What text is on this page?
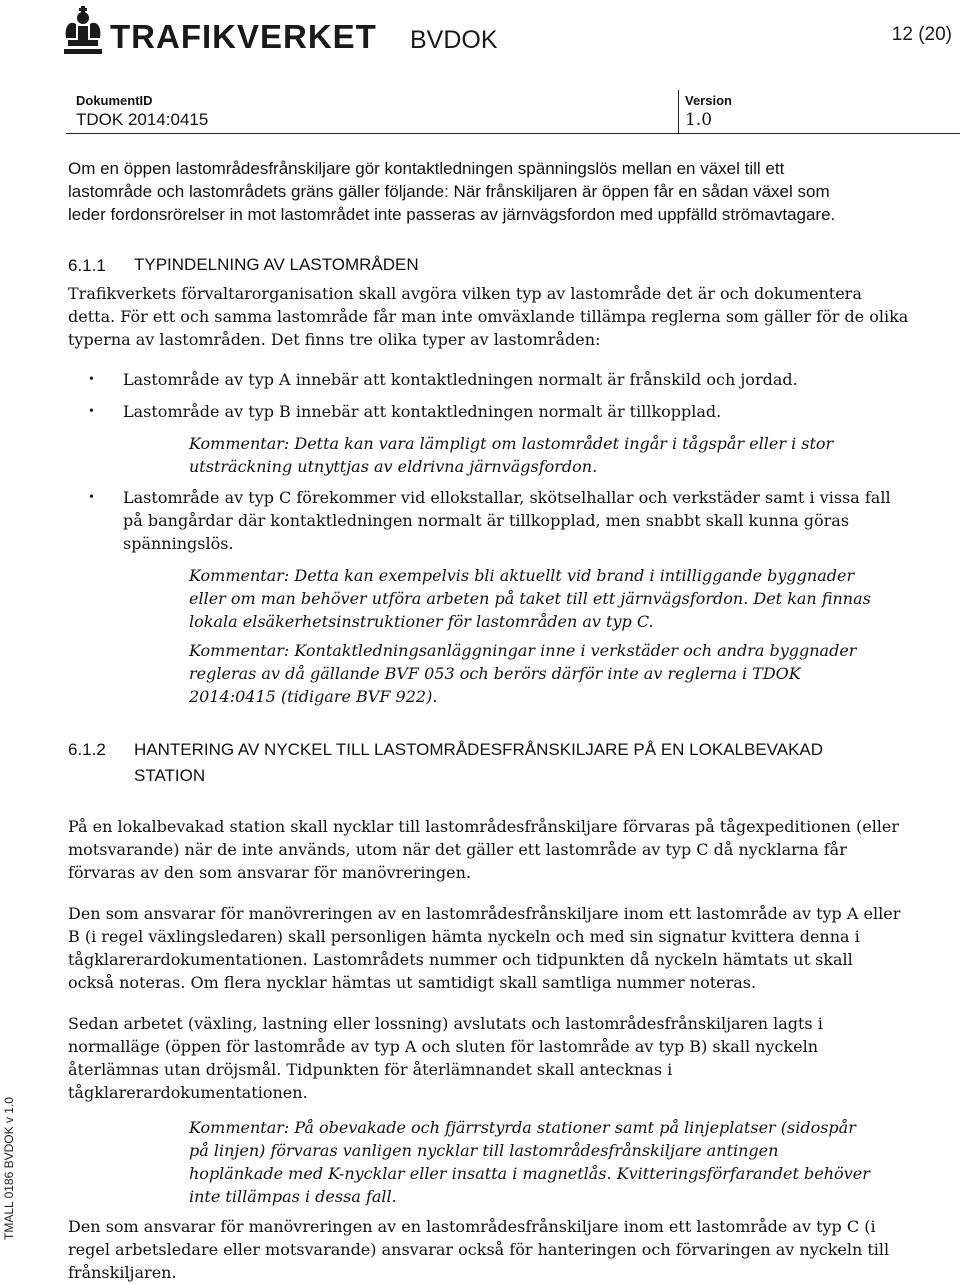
TRAFIKVERKET BVDOK	12 (20)
DokumentID
TDOK 2014:0415
Version
1.0
Om en öppen lastområdesfrånskiljare gör kontaktledningen spänningslös mellan en växel till ett
lastområde och lastområdets gräns gäller följande: När frånskiljaren är öppen får en sådan växel som
leder fordonsrörelser in mot lastområdet inte passeras av järnvägsfordon med uppfälld strömavtagare.
6.1.1 TYPINDELNING AV LASTOMRÅDEN
Trafikverkets förvaltarorganisation skall avgöra vilken typ av lastområde det är och dokumentera
detta. För ett och samma lastområde får man inte omväxlande tillämpa reglerna som gäller för de olika
typerna av lastområden. Det finns tre olika typer av lastområden:
• Lastområde av typ A innebär att kontaktledningen normalt är frånskild och jordad.
• Lastområde av typ B innebär att kontaktledningen normalt är tillkopplad.
Kommentar: Detta kan vara lämpligt om lastområdet ingår i tågspår eller i stor
utsträckning utnyttjas av eldrivna järnvägsfordon.
• Lastområde av typ C förekommer vid ellokstallar, skötselhallar och verkstäder samt i vissa fall
på bangårdar där kontaktledningen normalt är tillkopplad, men snabbt skall kunna göras
spänningslös.
Kommentar: Detta kan exempelvis bli aktuellt vid brand i intilliggande byggnader
eller om man behöver utföra arbeten på taket till ett järnvägsfordon. Det kan finnas
lokala elsäkerhetsinstruktioner för lastområden av typ C.
Kommentar: Kontaktledningsanläggningar inne i verkstäder och andra byggnader
regleras av då gällande BVF 053 och berörs därför inte av reglerna i TDOK
2014:0415 (tidigare BVF 922).
6.1.2 HANTERING AV NYCKEL TILL LASTOMRÅDESFRÅNSKILJARE PÅ EN LOKALBEVAKAD
STATION
På en lokalbevakad station skall nycklar till lastområdesfrånskiljare förvaras på tågexpeditionen (eller
motsvarande) när de inte används, utom när det gäller ett lastområde av typ C då nycklarna får
förvaras av den som ansvarar för manövreringen.
Den som ansvarar för manövreringen av en lastområdesfrånskiljare inom ett lastområde av typ A eller
B (i regel växlingsledaren) skall personligen hämta nyckeln och med sin signatur kvittera denna i
tågklarerardokumentationen. Lastområdets nummer och tidpunkten då nyckeln hämtats ut skall
också noteras. Om flera nycklar hämtas ut samtidigt skall samtliga nummer noteras.
Sedan arbetet (växling, lastning eller lossning) avslutats och lastområdesfrånskiljaren lagts i
normalläge (öppen för lastområde av typ A och sluten för lastområde av typ B) skall nyckeln
återlämnas utan dröjsmål. Tidpunkten för återlämnandet skall antecknas i
tågklarerardokumentationen.
Kommentar: På obevakade och fjärrstyrda stationer samt på linjeplatser (sidospår
på linjen) förvaras vanligen nycklar till lastområdesfrånskiljare antingen
hoplänkade med K-nycklar eller insatta i magnetlås. Kvitteringsförfarandet behöver
inte tillämpas i dessa fall.
Den som ansvarar för manövreringen av en lastområdesfrånskiljare inom ett lastområde av typ C (i
regel arbetsledare eller motsvarande) ansvarar också för hanteringen och förvaringen av nyckeln till
frånskiljaren.
TMALL 0186 BVDOK v 1.0
